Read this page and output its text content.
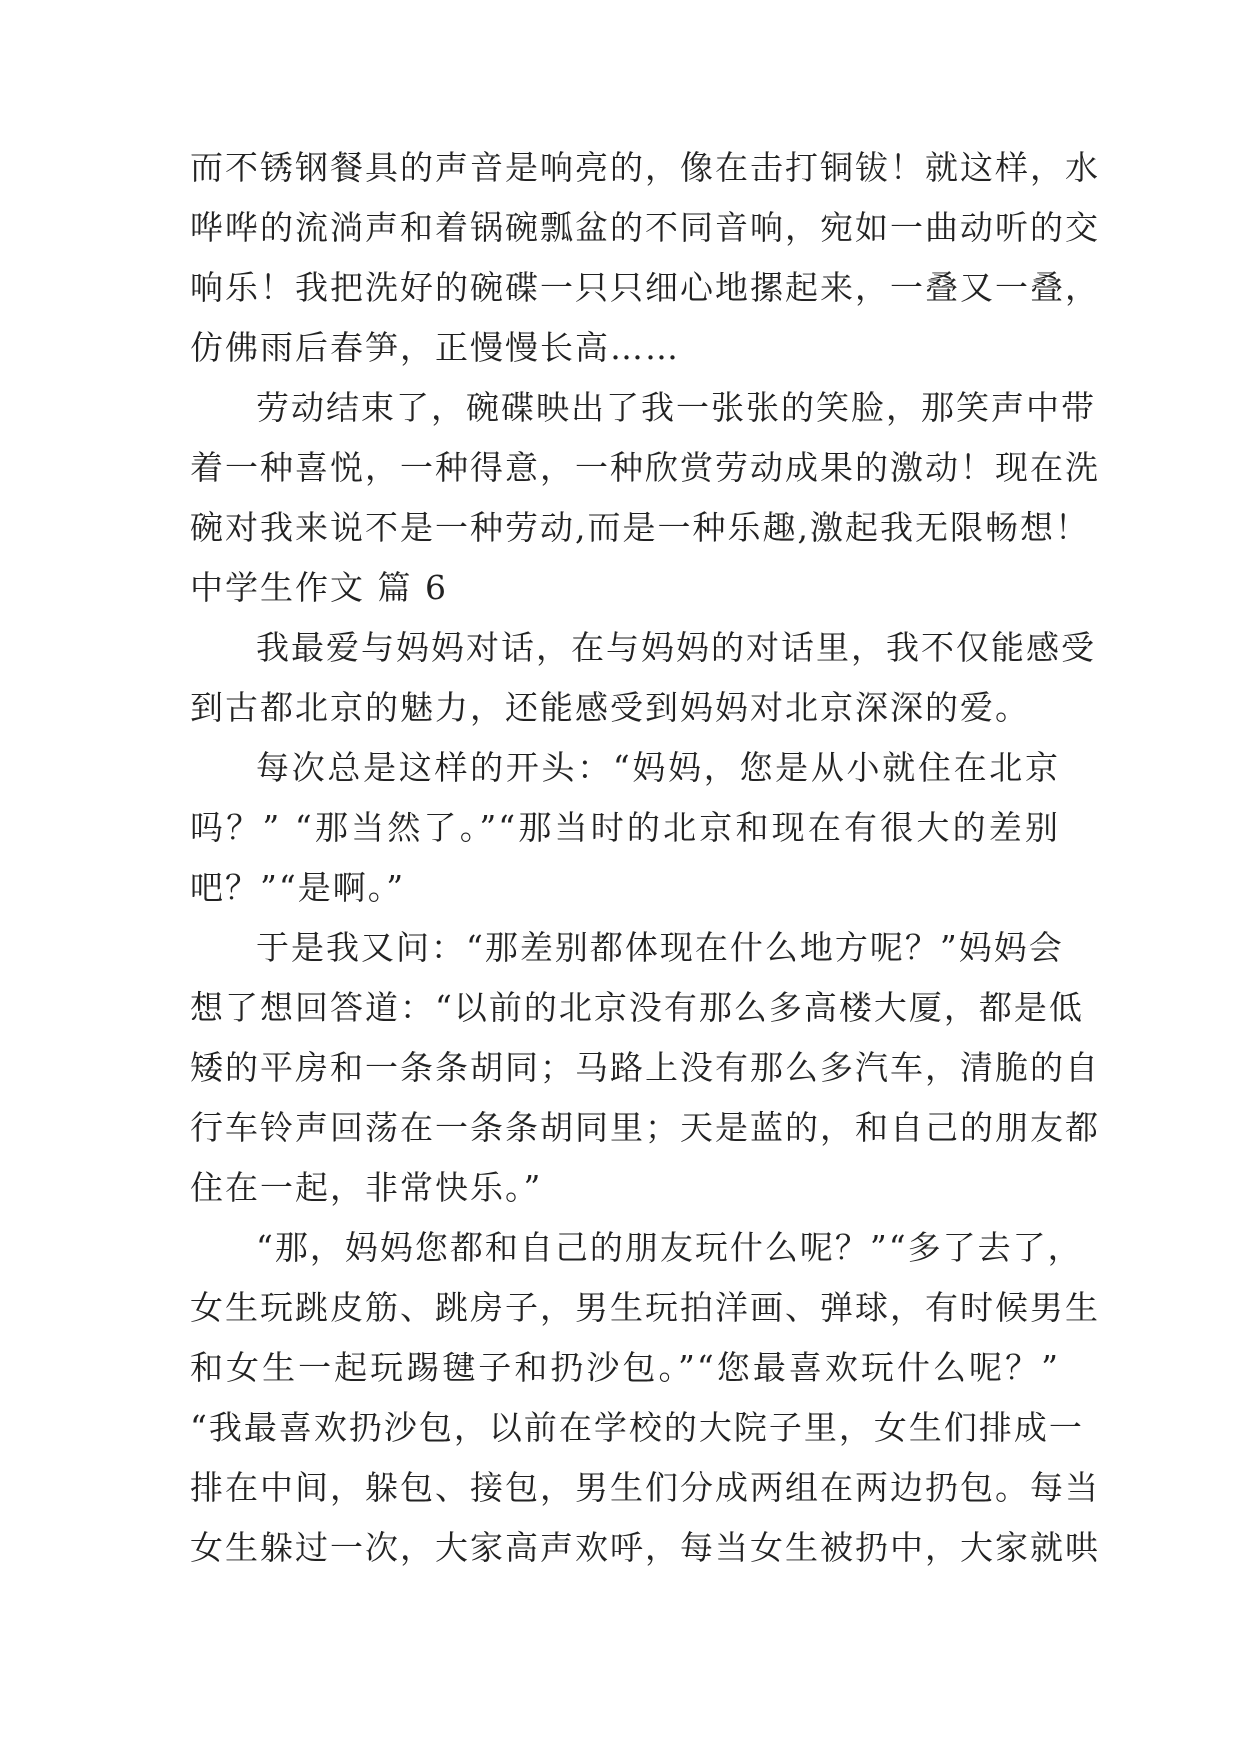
而不锈钢餐具的声音是响亮的，像在击打铜钹！就这样，水
哗哗的流淌声和着锅碗瓢盆的不同音响，宛如一曲动听的交
响乐！我把洗好的碗碟一只只细心地摞起来，一叠又一叠，
仿佛雨后春笋，正慢慢长高……
劳动结束了，碗碟映出了我一张张的笑脸，那笑声中带
着一种喜悦，一种得意，一种欣赏劳动成果的激动！现在洗
碗对我来说不是一种劳动,而是一种乐趣,激起我无限畅想！
中学生作文 篇 6
我最爱与妈妈对话，在与妈妈的对话里，我不仅能感受
到古都北京的魅力，还能感受到妈妈对北京深深的爱。
每次总是这样的开头：“妈妈，您是从小就住在北京
吗？” “那当然了。”“那当时的北京和现在有很大的差别
吧？”“是啊。”
于是我又问：“那差别都体现在什么地方呢？”妈妈会
想了想回答道：“以前的北京没有那么多高楼大厦，都是低
矮的平房和一条条胡同；马路上没有那么多汽车，清脆的自
行车铃声回荡在一条条胡同里；天是蓝的，和自己的朋友都
住在一起，非常快乐。”
“那，妈妈您都和自己的朋友玩什么呢？”“多了去了，
女生玩跳皮筋、跳房子，男生玩拍洋画、弹球，有时候男生
和女生一起玩踢毽子和扔沙包。”“您最喜欢玩什么呢？”
“我最喜欢扔沙包，以前在学校的大院子里，女生们排成一
排在中间，躲包、接包，男生们分成两组在两边扔包。每当
女生躲过一次，大家高声欢呼，每当女生被扔中，大家就哄
